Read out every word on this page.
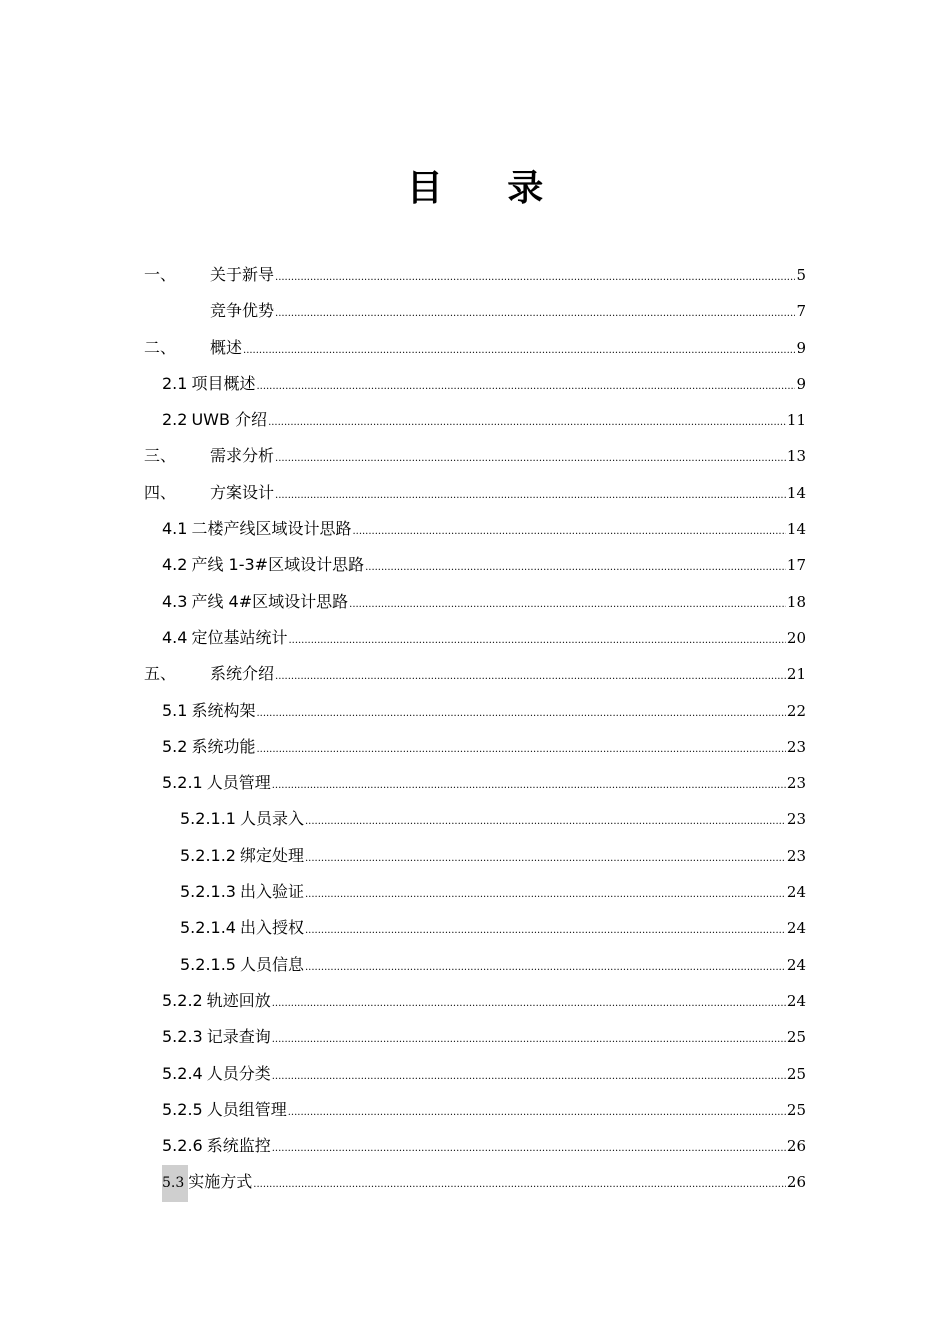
目 录
一、	关于新导 .....	5
竞争优势 .....	7
二、	概述 .....	9
2.1 项目概述 .....	9
2.2 UWB 介绍 .....	11
三、	需求分析 .....	13
四、	方案设计 .....	14
4.1 二楼产线区域设计思路 .....	14
4.2 产线 1-3#区域设计思路 .....	17
4.3 产线 4#区域设计思路 .....	18
4.4 定位基站统计 .....	20
五、	系统介绍 .....	21
5.1 系统构架 .....	22
5.2 系统功能 .....	23
5.2.1 人员管理 .....	23
5.2.1.1 人员录入 .....	23
5.2.1.2 绑定处理 .....	23
5.2.1.3 出入验证 .....	24
5.2.1.4 出入授权 .....	24
5.2.1.5 人员信息 .....	24
5.2.2 轨迹回放 .....	24
5.2.3 记录查询 .....	25
5.2.4 人员分类 .....	25
5.2.5 人员组管理 .....	25
5.2.6 系统监控 .....	26
5.3 实施方式 .....	26
